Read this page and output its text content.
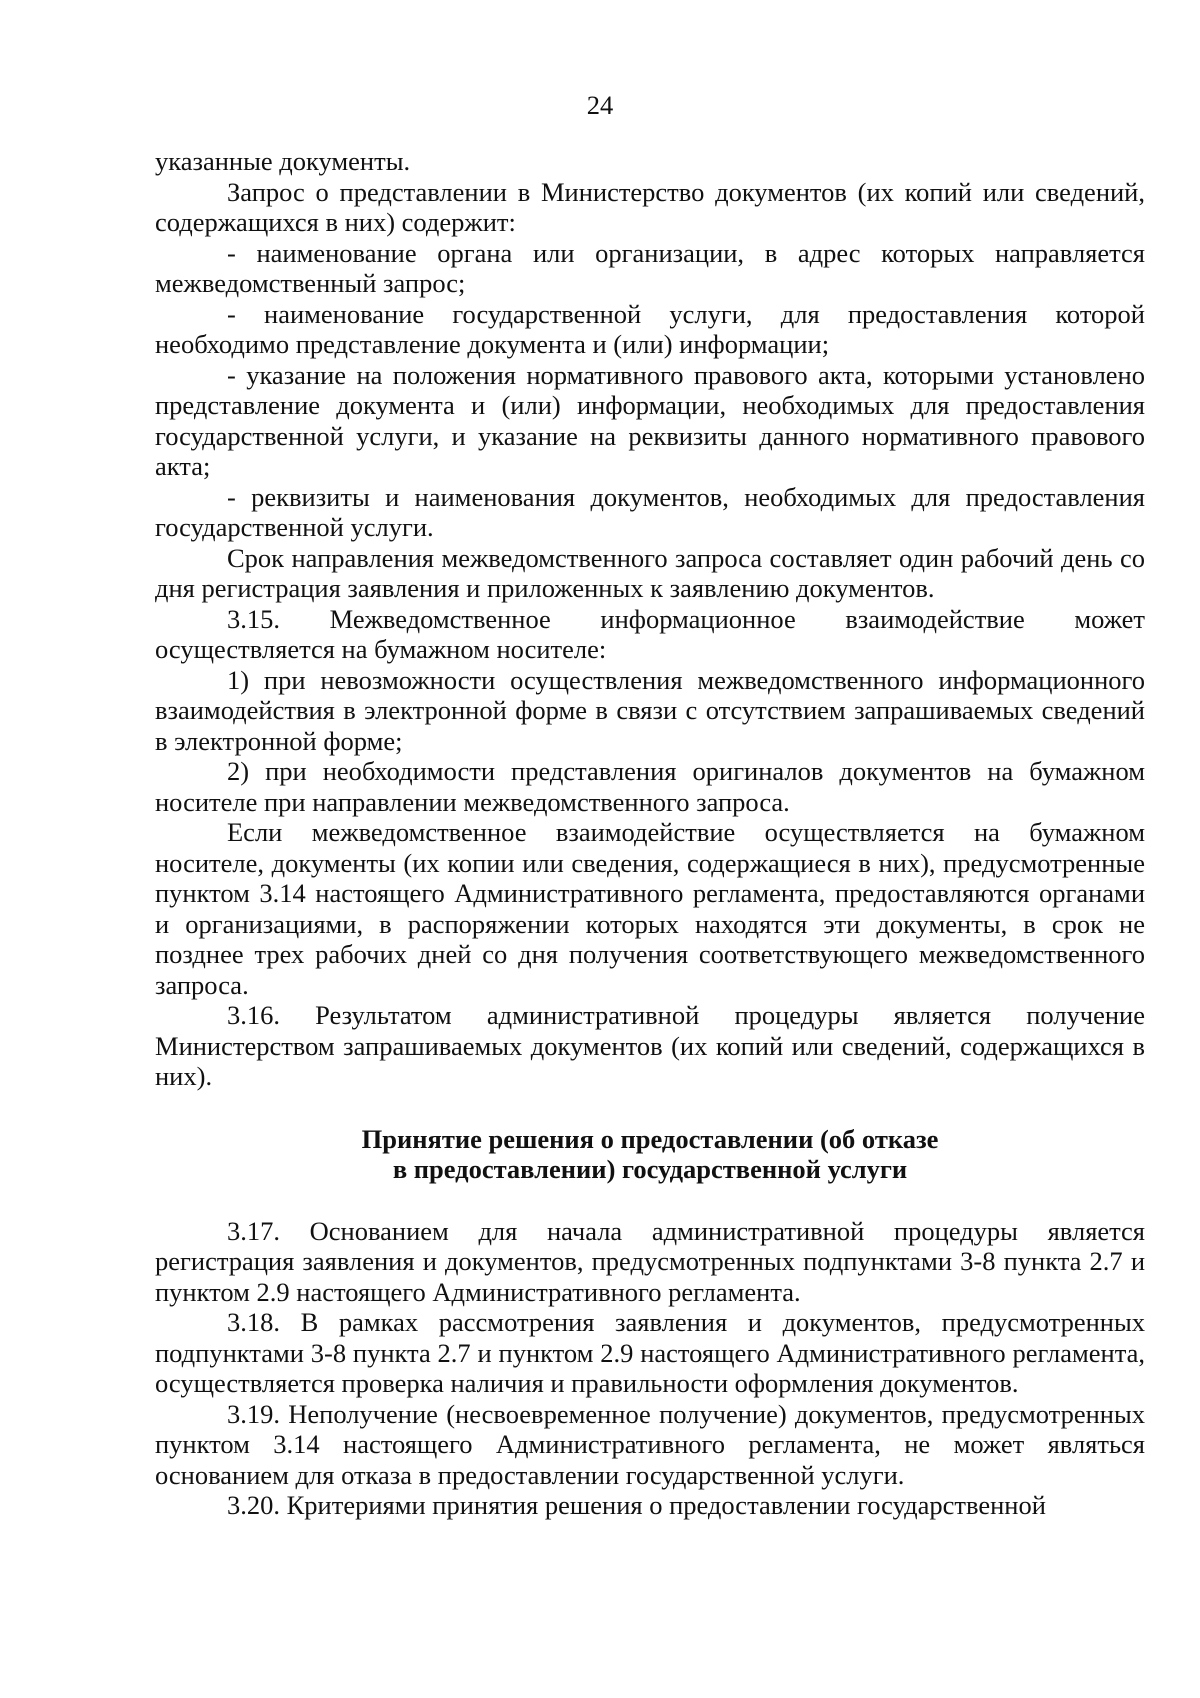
24

указанные документы.

Запрос о представлении в Министерство документов (их копий или сведений, содержащихся в них) содержит:

- наименование органа или организации, в адрес которых направляется межведомственный запрос;

- наименование государственной услуги, для предоставления которой необходимо представление документа и (или) информации;

- указание на положения нормативного правового акта, которыми установлено представление документа и (или) информации, необходимых для предоставления государственной услуги, и указание на реквизиты данного нормативного правового акта;

- реквизиты и наименования документов, необходимых для предоставления государственной услуги.

Срок направления межведомственного запроса составляет один рабочий день со дня регистрация заявления и приложенных к заявлению документов.

3.15. Межведомственное информационное взаимодействие может осуществляется на бумажном носителе:

1) при невозможности осуществления межведомственного информационного взаимодействия в электронной форме в связи с отсутствием запрашиваемых сведений в электронной форме;

2) при необходимости представления оригиналов документов на бумажном носителе при направлении межведомственного запроса.

Если межведомственное взаимодействие осуществляется на бумажном носителе, документы (их копии или сведения, содержащиеся в них), предусмотренные пунктом 3.14 настоящего Административного регламента, предоставляются органами и организациями, в распоряжении которых находятся эти документы, в срок не позднее трех рабочих дней со дня получения соответствующего межведомственного запроса.

3.16. Результатом административной процедуры является получение Министерством запрашиваемых документов (их копий или сведений, содержащихся в них).

Принятие решения о предоставлении (об отказе
в предоставлении) государственной услуги

3.17. Основанием для начала административной процедуры является регистрация заявления и документов, предусмотренных подпунктами 3-8 пункта 2.7 и пунктом 2.9 настоящего Административного регламента.

3.18. В рамках рассмотрения заявления и документов, предусмотренных подпунктами 3-8 пункта 2.7 и пунктом 2.9 настоящего Административного регламента, осуществляется проверка наличия и правильности оформления документов.

3.19. Неполучение (несвоевременное получение) документов, предусмотренных пунктом 3.14 настоящего Административного регламента, не может являться основанием для отказа в предоставлении государственной услуги.

3.20. Критериями принятия решения о предоставлении государственной
